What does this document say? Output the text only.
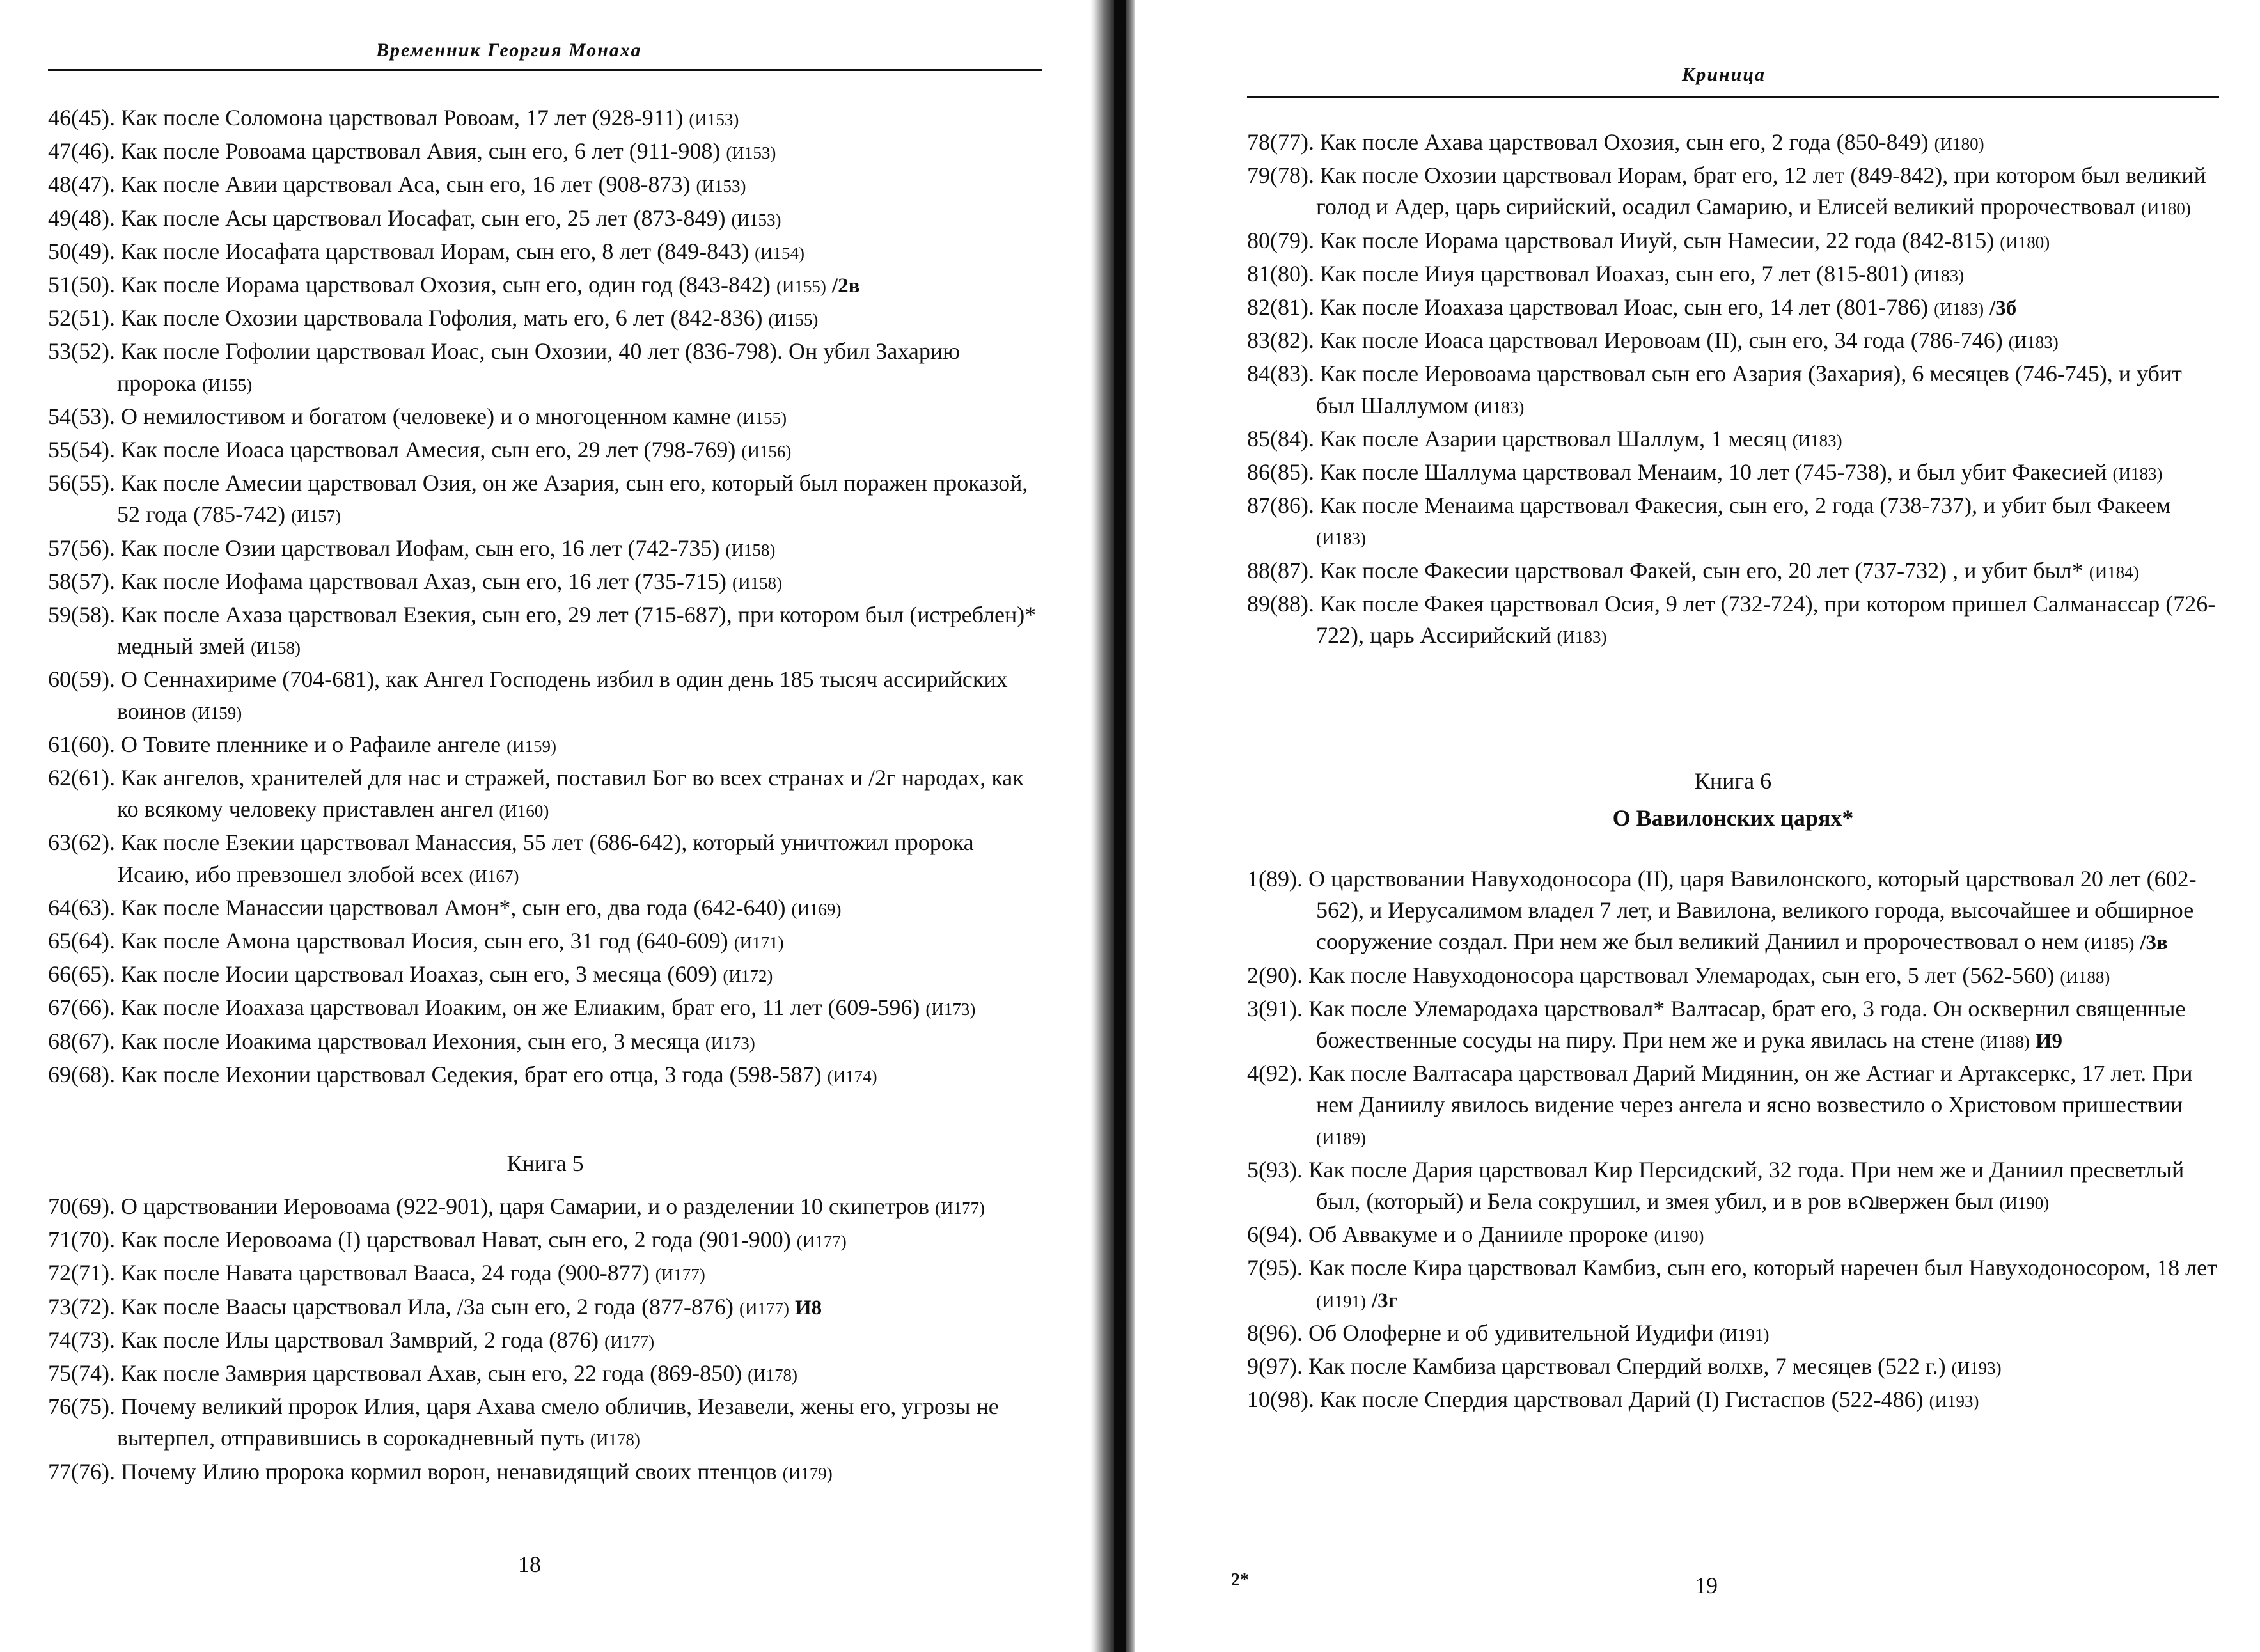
Временник Георгия Монаха
46(45). Как после Соломона царствовал Ровоам, 17 лет (928-911) (И153)
47(46). Как после Ровоама царствовал Авия, сын его, 6 лет (911-908) (И153)
48(47). Как после Авии царствовал Аса, сын его, 16 лет (908-873) (И153)
49(48). Как после Асы царствовал Иосафат, сын его, 25 лет (873-849) (И153)
50(49). Как после Иосафата царствовал Иорам, сын его, 8 лет (849-843) (И154)
51(50). Как после Иорама царствовал Охозия, сын его, один год (843-842) (И155) /2в
52(51). Как после Охозии царствовала Гофолия, мать его, 6 лет (842-836) (И155)
53(52). Как после Гофолии царствовал Иоас, сын Охозии, 40 лет (836-798). Он убил Захарию пророка (И155)
54(53). О немилостивом и богатом (человеке) и о многоценном камне (И155)
55(54). Как после Иоаса царствовал Амесия, сын его, 29 лет (798-769) (И156)
56(55). Как после Амесии царствовал Озия, он же Азария, сын его, который был поражен проказой, 52 года (785-742) (И157)
57(56). Как после Озии царствовал Иофам, сын его, 16 лет (742-735) (И158)
58(57). Как после Иофама царствовал Ахаз, сын его, 16 лет (735-715) (И158)
59(58). Как после Ахаза царствовал Езекия, сын его, 29 лет (715-687), при котором был (истреблен)* медный змей (И158)
60(59). О Сеннахириме (704-681), как Ангел Господень избил в один день 185 тысяч ассирийских воинов (И159)
61(60). О Товите пленнике и о Рафаиле ангеле (И159)
62(61). Как ангелов, хранителей для нас и стражей, поставил Бог во всех странах и /2г народах, как ко всякому человеку приставлен ангел (И160)
63(62). Как после Езекии царствовал Манассия, 55 лет (686-642), который уничтожил пророка Исаию, ибо превзошел злобой всех (И167)
64(63). Как после Манассии царствовал Амон*, сын его, два года (642-640) (И169)
65(64). Как после Амона царствовал Иосия, сын его, 31 год (640-609) (И171)
66(65). Как после Иосии царствовал Иоахаз, сын его, 3 месяца (609) (И172)
67(66). Как после Иоахаза царствовал Иоаким, он же Елиаким, брат его, 11 лет (609-596) (И173)
68(67). Как после Иоакима царствовал Иехония, сын его, 3 месяца (И173)
69(68). Как после Иехонии царствовал Седекия, брат его отца, 3 года (598-587) (И174)
Книга 5
70(69). О царствовании Иеровоама (922-901), царя Самарии, и о разделении 10 скипетров (И177)
71(70). Как после Иеровоама (I) царствовал Нават, сын его, 2 года (901-900) (И177)
72(71). Как после Навата царствовал Вааса, 24 года (900-877) (И177)
73(72). Как после Ваасы царствовал Ила, /3а сын его, 2 года (877-876) (И177) И8
74(73). Как после Илы царствовал Замврий, 2 года (876) (И177)
75(74). Как после Замврия царствовал Ахав, сын его, 22 года (869-850) (И178)
76(75). Почему великий пророк Илия, царя Ахава смело обличив, Иезавели, жены его, угрозы не вытерпел, отправившись в сорокадневный путь (И178)
77(76). Почему Илию пророка кормил ворон, ненавидящий своих птенцов (И179)
18
Криница
78(77). Как после Ахава царствовал Охозия, сын его, 2 года (850-849) (И180)
79(78). Как после Охозии царствовал Иорам, брат его, 12 лет (849-842), при котором был великий голод и Адер, царь сирийский, осадил Самарию, и Елисей великий пророчествовал (И180)
80(79). Как после Иорама царствовал Ииуй, сын Намесии, 22 года (842-815) (И180)
81(80). Как после Ииуя царствовал Иоахаз, сын его, 7 лет (815-801) (И183)
82(81). Как после Иоахаза царствовал Иоас, сын его, 14 лет (801-786) (И183) /3б
83(82). Как после Иоаса царствовал Иеровоам (II), сын его, 34 года (786-746) (И183)
84(83). Как после Иеровоама царствовал сын его Азария (Захария), 6 месяцев (746-745), и убит был Шаллумом (И183)
85(84). Как после Азарии царствовал Шаллум, 1 месяц (И183)
86(85). Как после Шаллума царствовал Менаим, 10 лет (745-738), и был убит Факесией (И183)
87(86). Как после Менаима царствовал Факесия, сын его, 2 года (738-737), и убит был Факеем (И183)
88(87). Как после Факесии царствовал Факей, сын его, 20 лет (737-732) , и убит был* (И184)
89(88). Как после Факея царствовал Осия, 9 лет (732-724), при котором пришел Салманассар (726-722), царь Ассирийский (И183)
Книга 6
О Вавилонских царях*
1(89). О царствовании Навуходоносора (II), царя Вавилонского, который царствовал 20 лет (602-562), и Иерусалимом владел 7 лет, и Вавилона, великого города, высочайшее и обширное сооружение создал. При нем же был великий Даниил и пророчествовал о нем (И185) /3в
2(90). Как после Навуходоносора царствовал Улемародах, сын его, 5 лет (562-560) (И188)
3(91). Как после Улемародаха царствовал* Валтасар, брат его, 3 года. Он осквернил священные божественные сосуды на пиру. При нем же и рука явилась на стене (И188) И9
4(92). Как после Валтасара царствовал Дарий Мидянин, он же Астиаг и Артаксеркс, 17 лет. При нем Даниилу явилось видение через ангела и ясно возвестило о Христовом пришествии (И189)
5(93). Как после Дария царствовал Кир Персидский, 32 года. При нем же и Даниил пресветлый был, (который) и Бела сокрушил, и змея убил, и в ров вവвержен был (И190)
6(94). Об Аввакуме и о Данииле пророке (И190)
7(95). Как после Кира царствовал Камбиз, сын его, который наречен был Навуходоносором, 18 лет (И191) /3г
8(96). Об Олоферне и об удивительной Иудифи (И191)
9(97). Как после Камбиза царствовал Спердий волхв, 7 месяцев (522 г.) (И193)
10(98). Как после Спердия царствовал Дарий (I) Гистаспов (522-486) (И193)
2*	19
